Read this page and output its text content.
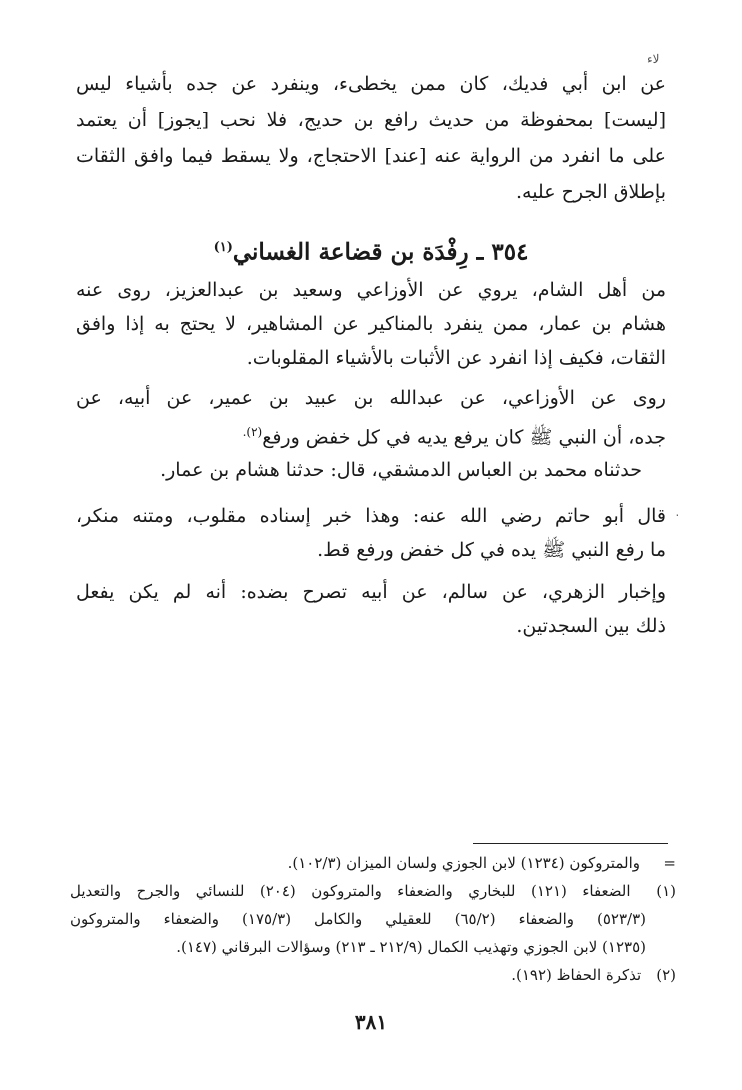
ﻻء
عن ابن أبي فديك، كان ممن يخطىء، وينفرد عن جده بأشياء ليس
[ليست] بمحفوظة من حديث رافع بن حديج، فلا نحب [يجوز] أن يعتمد
على ما انفرد من الرواية عنه [عند] الاحتجاج، ولا يسقط فيما وافق الثقات
بإطلاق الجرح عليه.
٣٥٤ ـ رِفْدَة بن قضاعة الغساني$^{(١)}$
من أهل الشام، يروي عن الأوزاعي وسعيد بن عبدالعزيز، روى عنه
هشام بن عمار، ممن ينفرد بالمناكير عن المشاهير، لا يحتج به إذا وافق
الثقات، فكيف إذا انفرد عن الأثبات بالأشياء المقلوبات.
روى عن الأوزاعي، عن عبدالله بن عبيد بن عمير، عن أبيه، عن
جده، أن النبي ﷺ كان يرفع يديه في كل خفض ورفع$^{(٢).}$
حدثناه محمد بن العباس الدمشقي، قال: حدثنا هشام بن عمار.
٠
قال أبو حاتم رضي الله عنه: وهذا خبر إسناده مقلوب، ومتنه منكر،
ما رفع النبي ﷺ يده في كل خفض ورفع قط.
وإخبار الزهري، عن سالم، عن أبيه تصرح بضده: أنه لم يكن يفعل
ذلك بين السجدتين.
=والمتروكون (١٢٣٤) لابن الجوزي ولسان الميزان (١٠٢/٣).
(١) الضعفاء (١٢١) للبخاري والضعفاء والمتروكون (٢٠٤) للنسائي والجرح والتعديل
(٥٢٣/٣) والضعفاء (٦٥/٢) للعقيلي والكامل (١٧٥/٣) والضعفاء والمتروكون
(١٢٣٥) لابن الجوزي وتهذيب الكمال (٢١٢/٩ ـ ٢١٣) وسؤالات البرقاني (١٤٧).
(٢) تذكرة الحفاظ (١٩٢).
٣٨١
